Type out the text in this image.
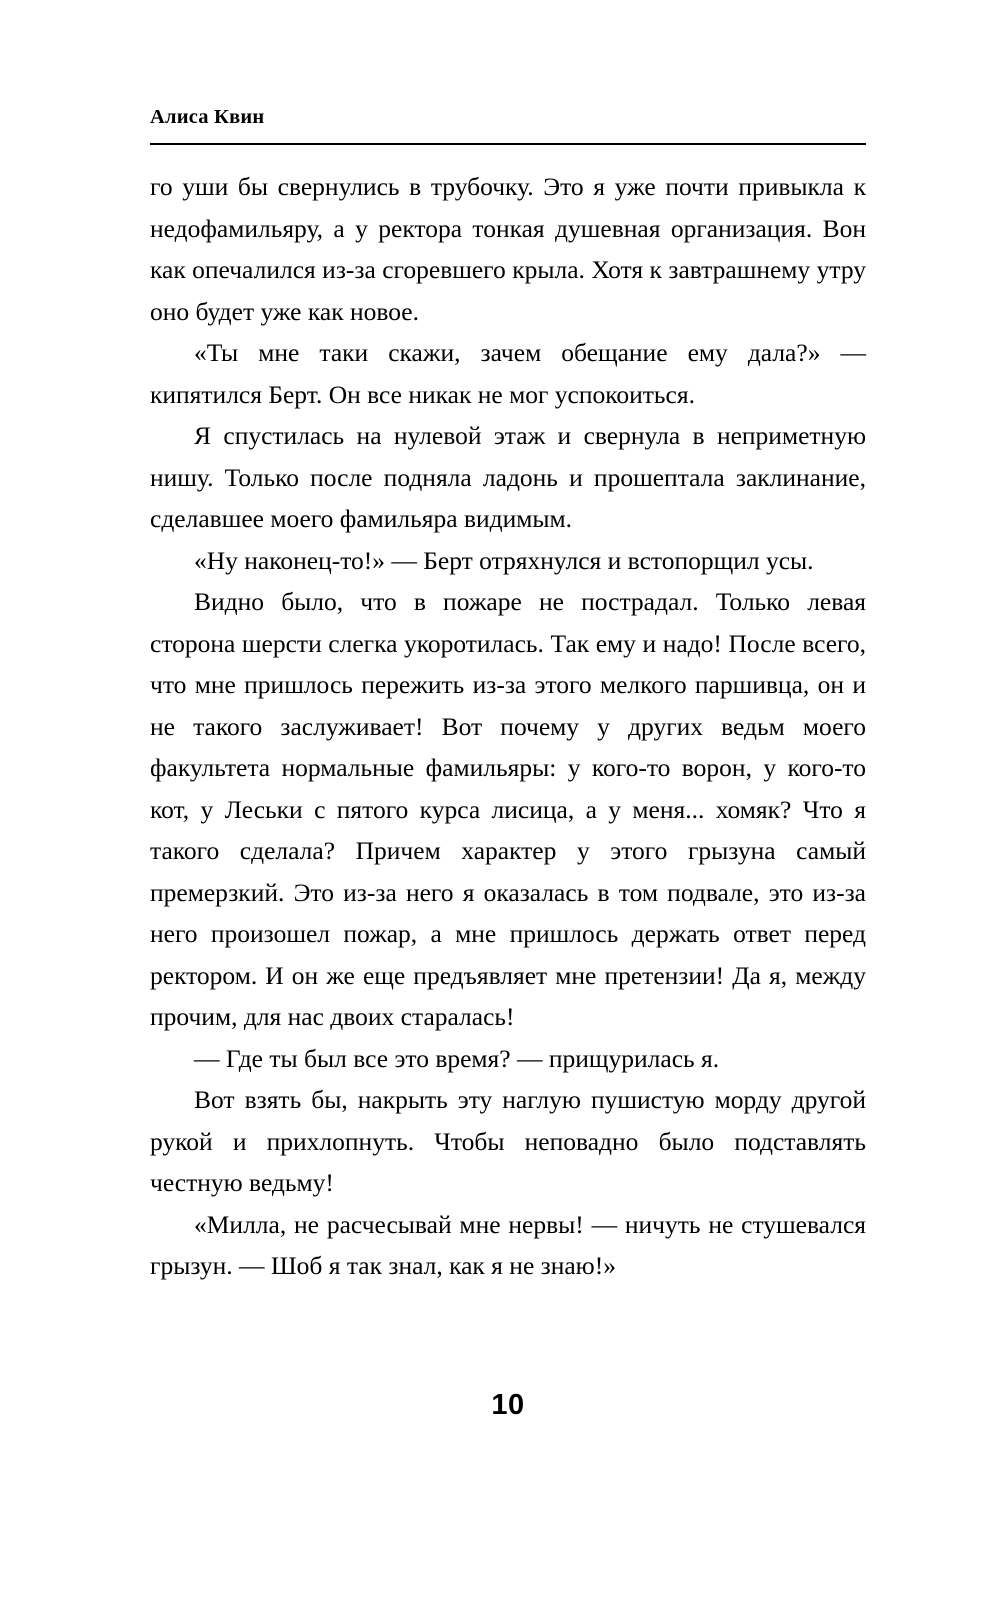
Алиса Квин

го уши бы свернулись в трубочку. Это я уже почти привыкла к недофамильяру, а у ректора тонкая душевная организация. Вон как опечалился из-за сгоревшего крыла. Хотя к завтрашнему утру оно будет уже как новое.

«Ты мне таки скажи, зачем обещание ему дала?» — кипятился Берт. Он все никак не мог успокоиться.

Я спустилась на нулевой этаж и свернула в неприметную нишу. Только после подняла ладонь и прошептала заклинание, сделавшее моего фамильяра видимым.

«Ну наконец-то!» — Берт отряхнулся и встопорщил усы.

Видно было, что в пожаре не пострадал. Только левая сторона шерсти слегка укоротилась. Так ему и надо! После всего, что мне пришлось пережить из-за этого мелкого паршивца, он и не такого заслуживает! Вот почему у других ведьм моего факультета нормальные фамильяры: у кого-то ворон, у кого-то кот, у Леськи с пятого курса лисица, а у меня... хомяк? Что я такого сделала? Причем характер у этого грызуна самый премерзкий. Это из-за него я оказалась в том подвале, это из-за него произошел пожар, а мне пришлось держать ответ перед ректором. И он же еще предъявляет мне претензии! Да я, между прочим, для нас двоих старалась!

— Где ты был все это время? — прищурилась я.

Вот взять бы, накрыть эту наглую пушистую морду другой рукой и прихлопнуть. Чтобы неповадно было подставлять честную ведьму!

«Милла, не расчесывай мне нервы! — ничуть не стушевался грызун. — Шоб я так знал, как я не знаю!»

10
